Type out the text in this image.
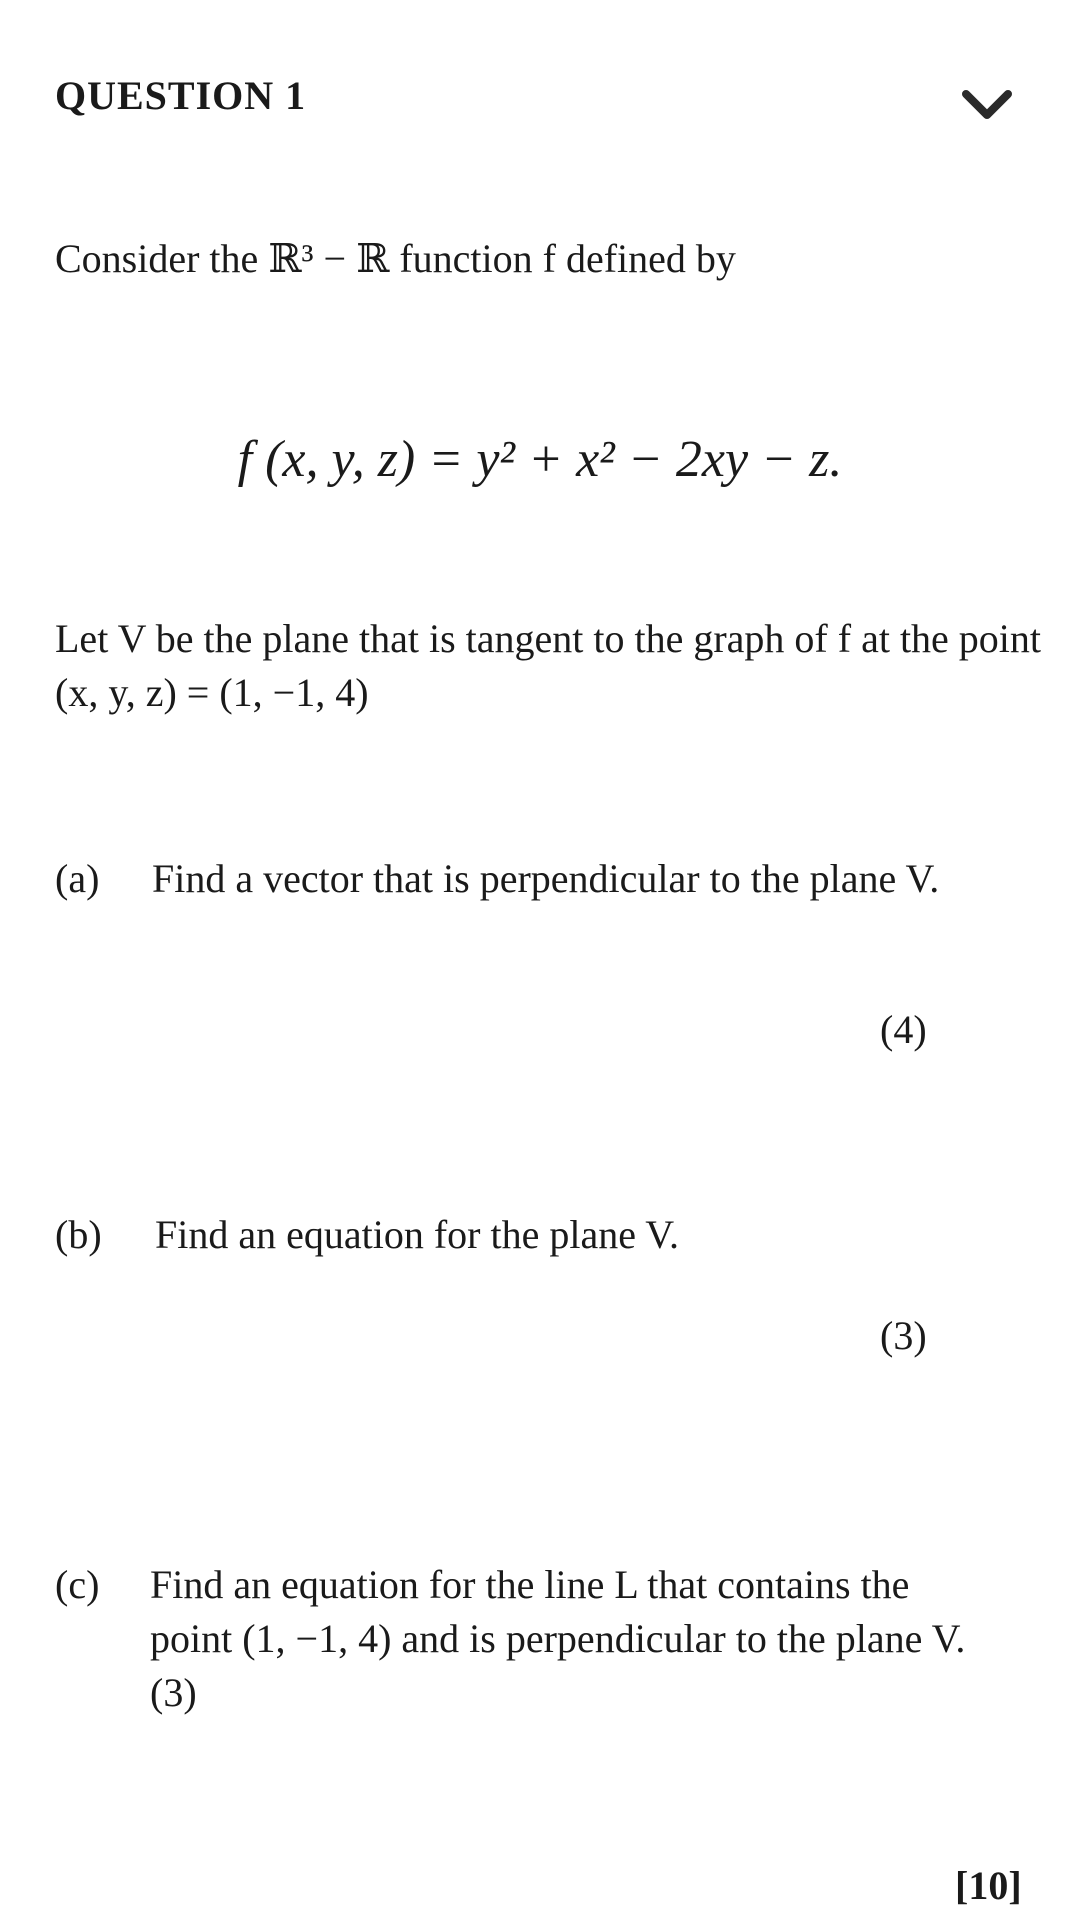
QUESTION 1
Consider the ℝ³ − ℝ function f defined by
f (x, y, z) = y² + x² − 2xy − z.
Let V be the plane that is tangent to the graph of f at the point (x, y, z) = (1, −1, 4)
(a) Find a vector that is perpendicular to the plane V.
(4)
(b) Find an equation for the plane V.
(3)
(c) Find an equation for the line L that contains the point (1, −1, 4) and is perpendicular to the plane V. (3)
[10]
